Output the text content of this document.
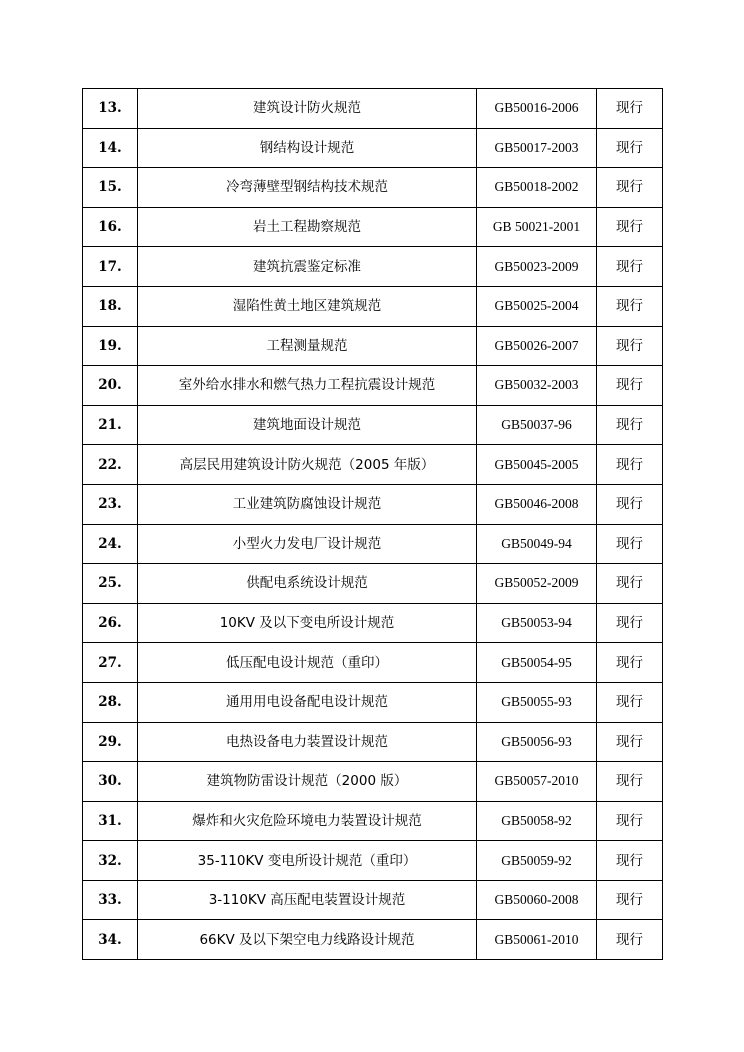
13.	建筑设计防火规范	GB50016-2006	现行
14.	钢结构设计规范	GB50017-2003	现行
15.	冷弯薄壁型钢结构技术规范	GB50018-2002	现行
16.	岩土工程勘察规范	GB 50021-2001	现行
17.	建筑抗震鉴定标准	GB50023-2009	现行
18.	湿陷性黄土地区建筑规范	GB50025-2004	现行
19.	工程测量规范	GB50026-2007	现行
20.	室外给水排水和燃气热力工程抗震设计规范	GB50032-2003	现行
21.	建筑地面设计规范	GB50037-96	现行
22.	高层民用建筑设计防火规范（2005 年版）	GB50045-2005	现行
23.	工业建筑防腐蚀设计规范	GB50046-2008	现行
24.	小型火力发电厂设计规范	GB50049-94	现行
25.	供配电系统设计规范	GB50052-2009	现行
26.	10KV 及以下变电所设计规范	GB50053-94	现行
27.	低压配电设计规范（重印）	GB50054-95	现行
28.	通用用电设备配电设计规范	GB50055-93	现行
29.	电热设备电力装置设计规范	GB50056-93	现行
30.	建筑物防雷设计规范（2000 版）	GB50057-2010	现行
31.	爆炸和火灾危险环境电力装置设计规范	GB50058-92	现行
32.	35-110KV 变电所设计规范（重印）	GB50059-92	现行
33.	3-110KV 高压配电装置设计规范	GB50060-2008	现行
34.	66KV 及以下架空电力线路设计规范	GB50061-2010	现行
